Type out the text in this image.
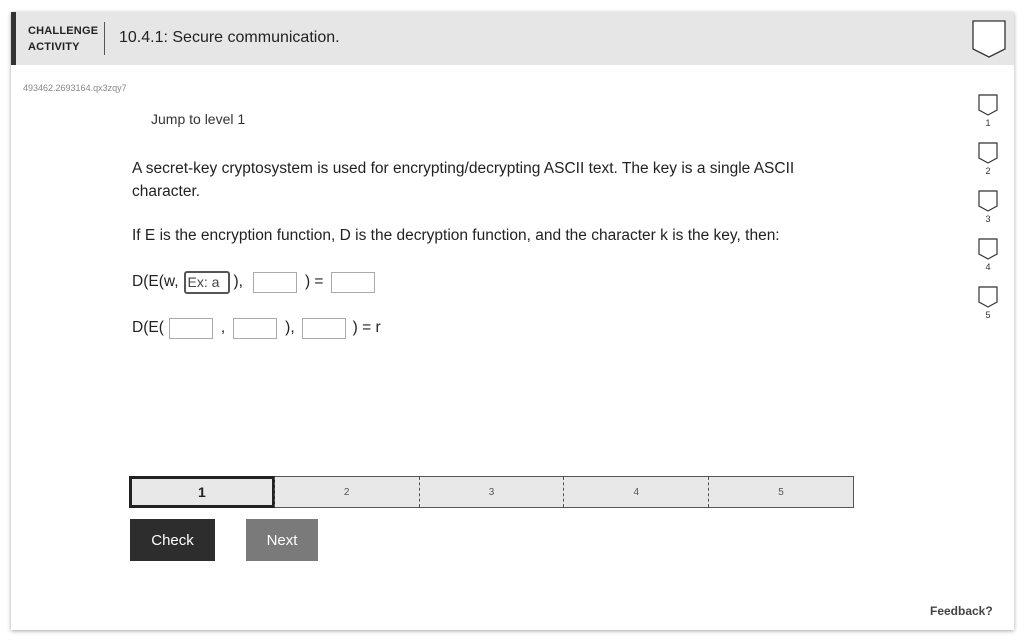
CHALLENGE
ACTIVITY
10.4.1: Secure communication.
493462.2693164.qx3zqy7
Jump to level 1
A secret-key cryptosystem is used for encrypting/decrypting ASCII text. The key is a single ASCII character.
If E is the encryption function, D is the decryption function, and the character k is the key, then:
D(E(w, Ex: a ),	) =
D(E(	,	),	) = r
1
2
3
4
5
1	2	3	4	5
Check	Next
Feedback?
